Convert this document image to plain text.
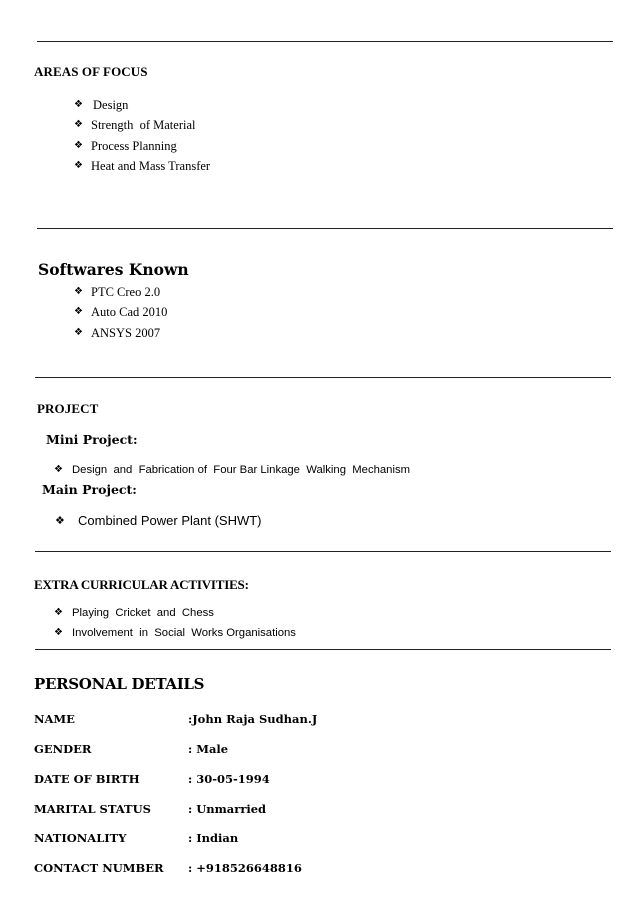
AREAS OF FOCUS
❖ Design
❖ Strength  of Material
❖ Process Planning
❖ Heat and Mass Transfer
Softwares Known
❖ PTC Creo 2.0
❖ Auto Cad 2010
❖ ANSYS 2007
PROJECT
Mini Project:
❖ Design  and  Fabrication of  Four Bar Linkage  Walking  Mechanism
Main Project:
❖ Combined Power Plant (SHWT)
EXTRA CURRICULAR ACTIVITIES:
❖ Playing  Cricket  and  Chess
❖ Involvement  in  Social  Works Organisations
PERSONAL DETAILS
NAME	:John Raja Sudhan.J
GENDER	: Male
DATE OF BIRTH	: 30-05-1994
MARITAL STATUS	: Unmarried
NATIONALITY	: Indian
CONTACT NUMBER : +918526648816
